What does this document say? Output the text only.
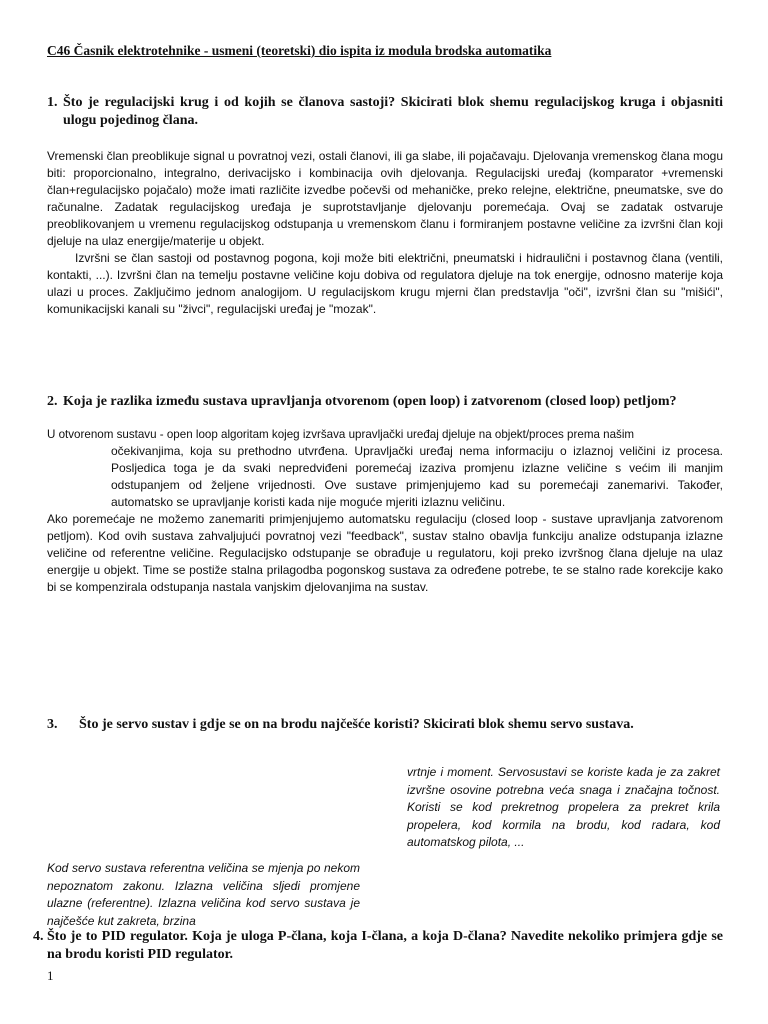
C46 Časnik elektrotehnike - usmeni (teoretski) dio ispita iz modula brodska automatika
1. Što je regulacijski krug i od kojih se članova sastoji? Skicirati blok shemu regulacijskog kruga i objasniti ulogu pojedinog člana.

Vremenski član preoblikuje signal u povratnoj vezi, ostali članovi, ili ga slabe, ili pojačavaju. Djelovanja vremenskog člana mogu biti: proporcionalno, integralno, derivacijsko i kombinacija ovih djelovanja. Regulacijski uređaj (komparator +vremenski član+regulacijsko pojačalo) može imati različite izvedbe počevši od mehaničke, preko relejne, električne, pneumatske, sve do računalne. Zadatak regulacijskog uređaja je suprotstavljanje djelovanju poremećaja. Ovaj se zadatak ostvaruje preoblikovanjem u vremenu regulacijskog odstupanja u vremenskom članu i formiranjem postavne veličine za izvršni član koji djeluje na ulaz energije/materije u objekt.

Izvršni se član sastoji od postavnog pogona, koji može biti električni, pneumatski i hidraulični i postavnog člana (ventili, kontakti, ...). Izvršni član na temelju postavne veličine koju dobiva od regulatora djeluje na tok energije, odnosno materije koja ulazi u proces. Zaključimo jednom analogijom. U regulacijskom krugu mjerni član predstavlja "oči", izvršni član su "mišići", komunikacijski kanali su "živci", regulacijski uređaj je "mozak".

2. Koja je razlika između sustava upravljanja otvorenom (open loop) i zatvorenom (closed loop) petljom?

U otvorenom sustavu - open loop algoritam kojeg izvršava upravljački uređaj djeluje na objekt/proces prema našim

očekivanjima, koja su prethodno utvrđena. Upravljački uređaj nema informaciju o izlaznoj veličini iz procesa. Posljedica toga je da svaki nepredviđeni poremećaj izaziva promjenu izlazne veličine s većim ili manjim odstupanjem od željene vrijednosti. Ove sustave primjenjujemo kad su poremećaji zanemarivi. Također, automatsko se upravljanje koristi kada nije moguće mjeriti izlaznu veličinu.

Ako poremećaje ne možemo zanemariti primjenjujemo automatsku regulaciju (closed loop - sustave upravljanja zatvorenom petljom). Kod ovih sustava zahvaljujući povratnoj vezi "feedback", sustav stalno obavlja funkciju analize odstupanja izlazne veličine od referentne veličine. Regulacijsko odstupanje se obrađuje u regulatoru, koji preko izvršnog člana djeluje na ulaz energije u objekt. Time se postiže stalna prilagodba pogonskog sustava za određene potrebe, te se stalno rade korekcije kako bi se kompenzirala odstupanja nastala vanjskim djelovanjima na sustav.

3.	Što je servo sustav i gdje se on na brodu najčešće koristi? Skicirati blok shemu servo sustava.

vrtnje i moment. Servosustavi se koriste kada je za zakret izvršne osovine potrebna veća snaga i značajna točnost. Koristi se kod prekretnog propelera za prekret krila propelera, kod kormila na brodu, kod radara, kod automatskog pilota, ...
Kod servo sustava referentna veličina se mjenja po nekom nepoznatom zakonu. Izlazna veličina sljedi promjene ulazne (referentne). Izlazna veličina kod servo sustava je najčešće kut zakreta, brzina
4. Što je to PID regulator. Koja je uloga P-člana, koja I-člana, a koja D-člana? Navedite nekoliko primjera gdje se na brodu koristi PID regulator.

1
